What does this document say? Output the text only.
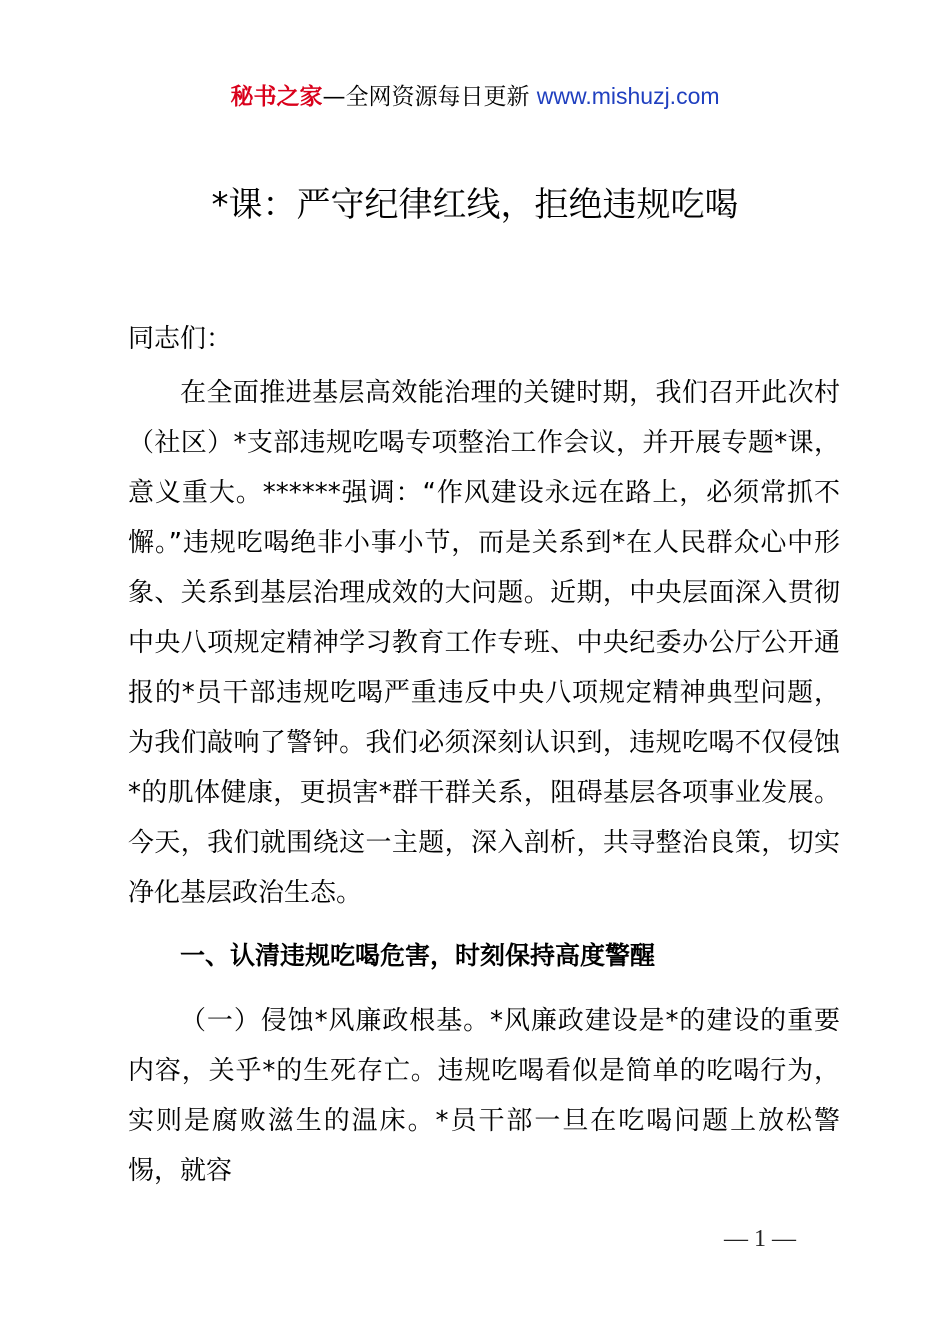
秘书之家—全网资源每日更新 www.mishuzj.com
*课：严守纪律红线，拒绝违规吃喝

同志们：

在全面推进基层高效能治理的关键时期，我们召开此次村（社区）*支部违规吃喝专项整治工作会议，并开展专题*课，意义重大。******强调：“作风建设永远在路上，必须常抓不懈。”违规吃喝绝非小事小节，而是关系到*在人民群众心中形象、关系到基层治理成效的大问题。近期，中央层面深入贯彻中央八项规定精神学习教育工作专班、中央纪委办公厅公开通报的*员干部违规吃喝严重违反中央八项规定精神典型问题，为我们敲响了警钟。我们必须深刻认识到，违规吃喝不仅侵蚀*的肌体健康，更损害*群干群关系，阻碍基层各项事业发展。今天，我们就围绕这一主题，深入剖析，共寻整治良策，切实净化基层政治生态。

一、认清违规吃喝危害，时刻保持高度警醒

（一）侵蚀*风廉政根基。*风廉政建设是*的建设的重要内容，关乎*的生死存亡。违规吃喝看似是简单的吃喝行为，实则是腐败滋生的温床。*员干部一旦在吃喝问题上放松警惕，就容

— 1 —
